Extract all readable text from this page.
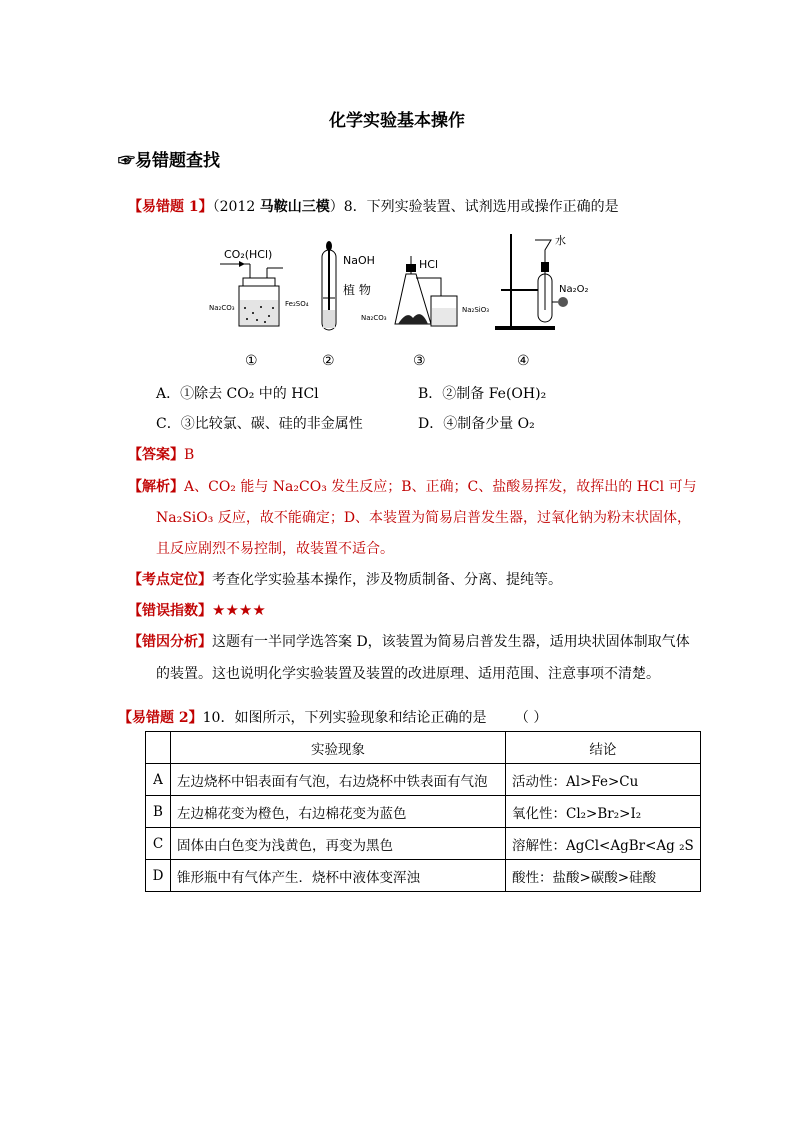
化学实验基本操作
☞易错题查找
【易错题 1】（2012 马鞍山三模）8．下列实验装置、试剂选用或操作正确的是
CO₂(HCl)
Na₂CO₃
NaOH
植 物
Fe₂SO₄
HCl
Na₂CO₃
Na₂SiO₃
水
Na₂O₂
①	②	③	④
A．①除去 CO₂ 中的 HCl	B．②制备 Fe(OH)₂
C．③比较氯、碳、硅的非金属性	D．④制备少量 O₂
【答案】B
【解析】A、CO₂ 能与 Na₂CO₃ 发生反应；B、正确；C、盐酸易挥发，故挥出的 HCl 可与
Na₂SiO₃ 反应，故不能确定；D、本装置为简易启普发生器，过氧化钠为粉末状固体，
且反应剧烈不易控制，故装置不适合。
【考点定位】考查化学实验基本操作，涉及物质制备、分离、提纯等。
【错误指数】★★★★
【错因分析】这题有一半同学选答案 D，该装置为简易启普发生器，适用块状固体制取气体
的装置。这也说明化学实验装置及装置的改进原理、适用范围、注意事项不清楚。
【易错题 2】10．如图所示，下列实验现象和结论正确的是 （ ）
	实验现象	结论
A	左边烧杯中铝表面有气泡，右边烧杯中铁表面有气泡	活动性：Al>Fe>Cu
B	左边棉花变为橙色，右边棉花变为蓝色	氧化性：Cl₂>Br₂>I₂
C	固体由白色变为浅黄色，再变为黑色	溶解性：AgCl<AgBr<Ag ₂S
D	锥形瓶中有气体产生．烧杯中液体变浑浊	酸性：盐酸>碳酸>硅酸
